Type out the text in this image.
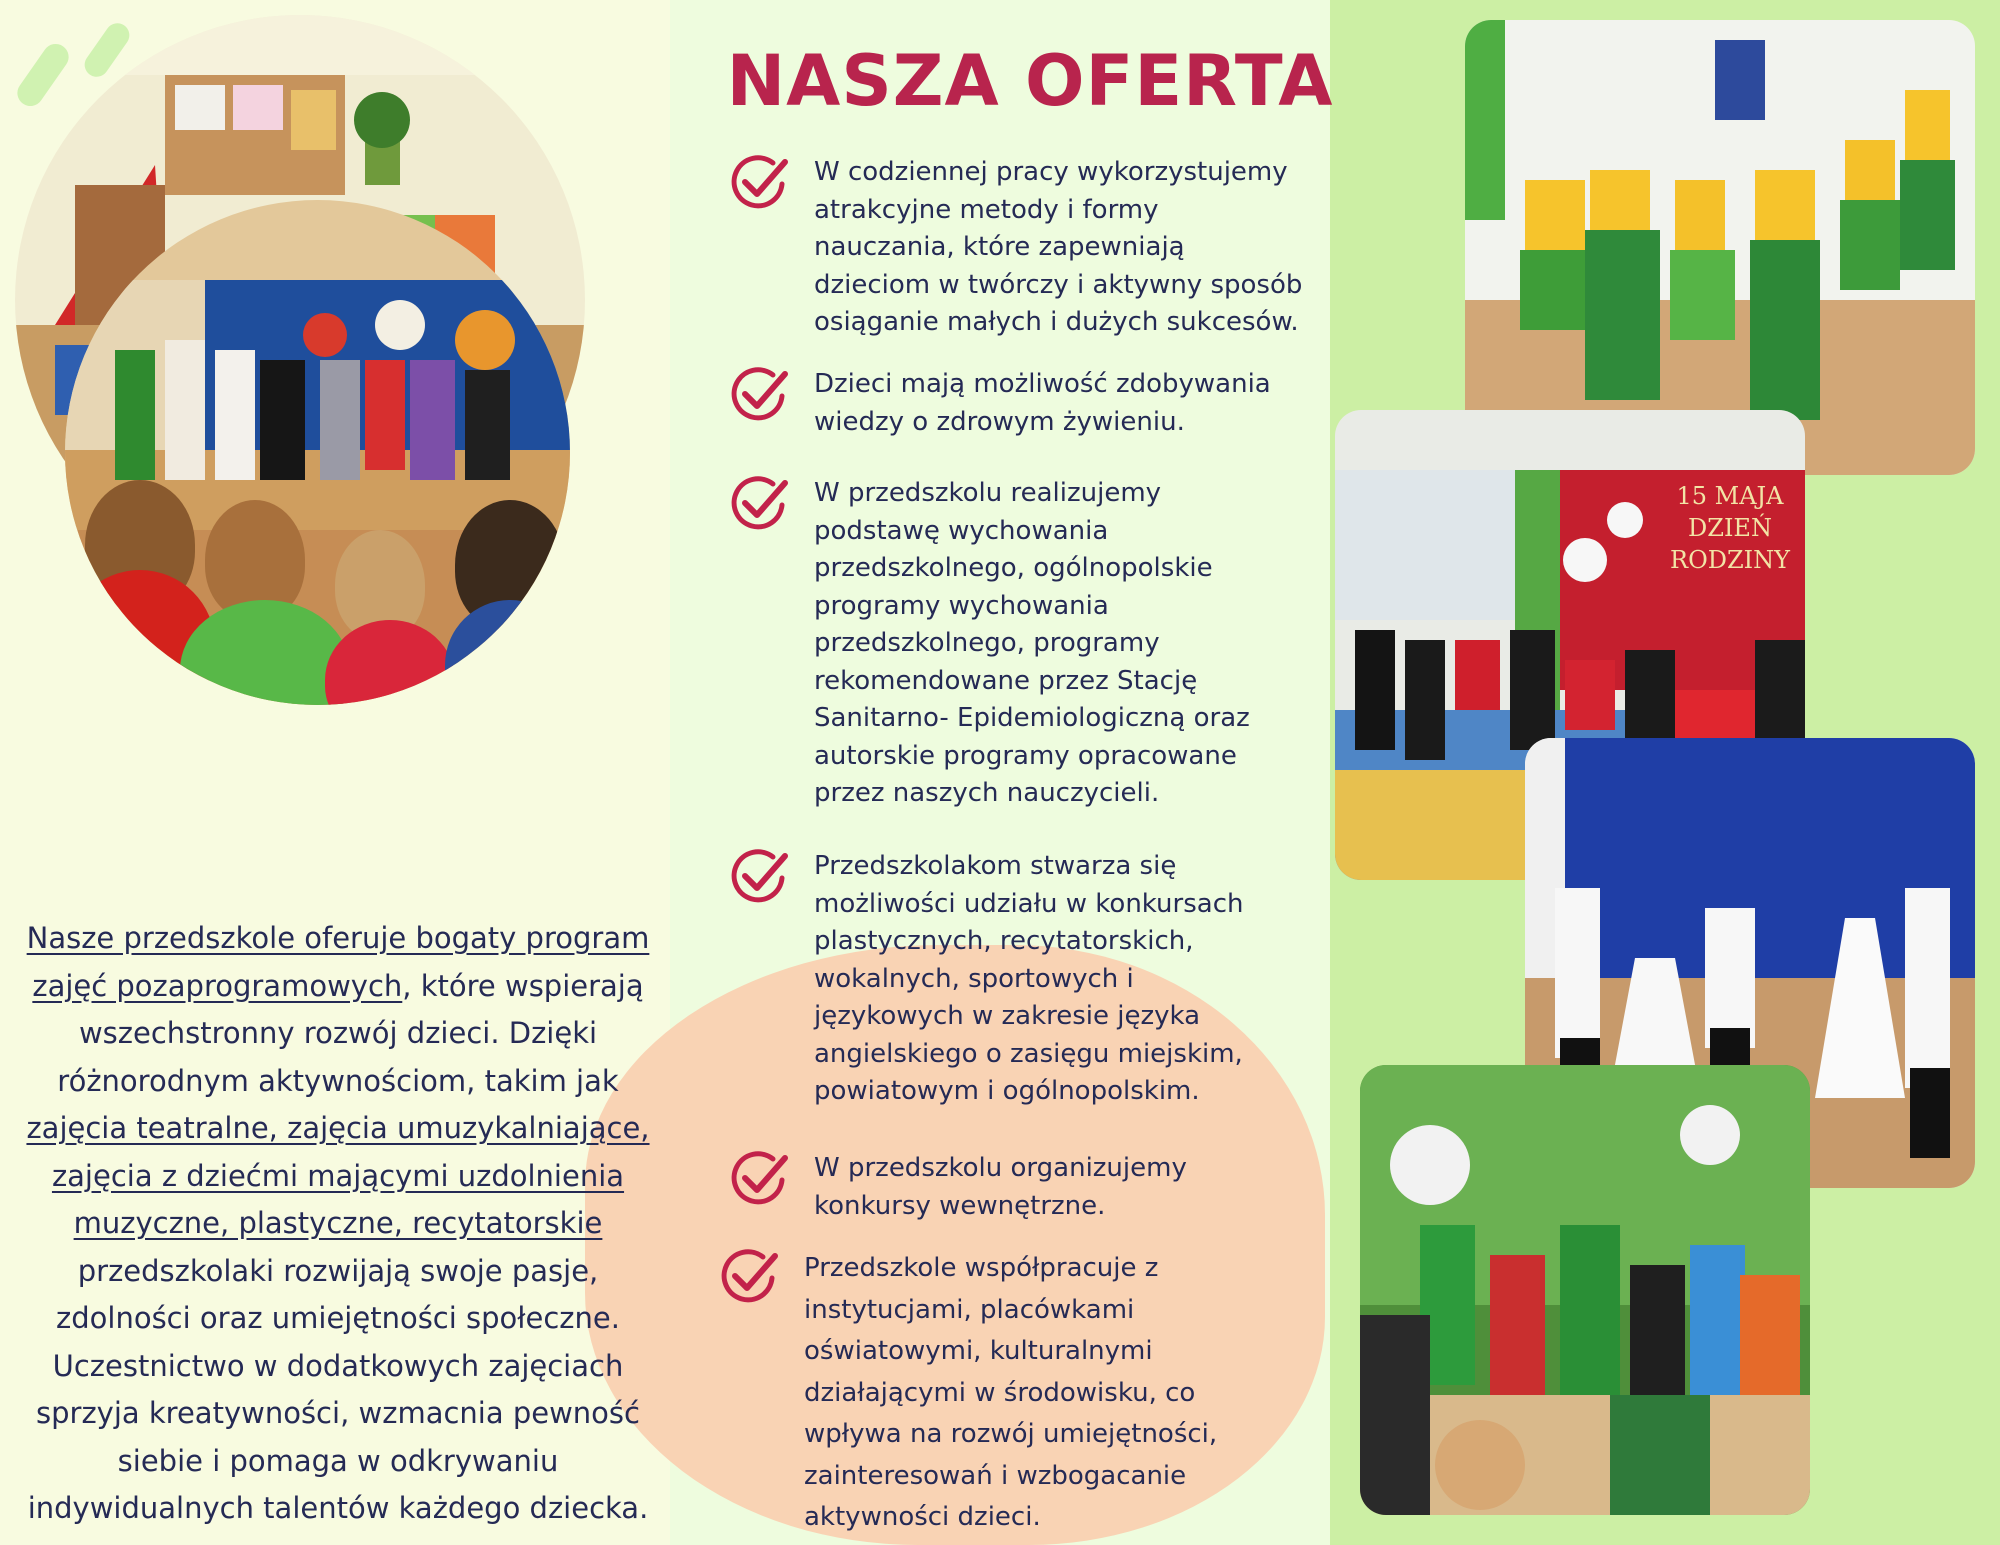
15 MAJA
DZIEŃ RODZINY
NASZA OFERTA
W codziennej pracy wykorzystujemy
atrakcyjne metody i formy
nauczania, które zapewniają
dzieciom w twórczy i aktywny sposób
osiąganie małych i dużych sukcesów.
Dzieci mają możliwość zdobywania
wiedzy o zdrowym żywieniu.
W przedszkolu realizujemy
podstawę wychowania
przedszkolnego, ogólnopolskie
programy wychowania
przedszkolnego, programy
rekomendowane przez Stację
Sanitarno- Epidemiologiczną oraz
autorskie programy opracowane
przez naszych nauczycieli.
Przedszkolakom stwarza się
możliwości udziału w konkursach
plastycznych, recytatorskich,
wokalnych, sportowych i
językowych w zakresie języka
angielskiego o zasięgu miejskim,
powiatowym i ogólnopolskim.
W przedszkolu organizujemy
konkursy wewnętrzne.
Przedszkole współpracuje z
instytucjami, placówkami
oświatowymi, kulturalnymi
działającymi w środowisku, co
wpływa na rozwój umiejętności,
zainteresowań i wzbogacanie
aktywności dzieci.

Nasze przedszkole oferuje bogaty program zajęć pozaprogramowych, które wspierają wszechstronny rozwój dzieci. Dzięki różnorodnym aktywnościom, takim jak zajęcia teatralne, zajęcia umuzykalniające, zajęcia z dziećmi mającymi uzdolnienia muzyczne, plastyczne, recytatorskie przedszkolaki rozwijają swoje pasje, zdolności oraz umiejętności społeczne. Uczestnictwo w dodatkowych zajęciach sprzyja kreatywności, wzmacnia pewność siebie i pomaga w odkrywaniu indywidualnych talentów każdego dziecka.
